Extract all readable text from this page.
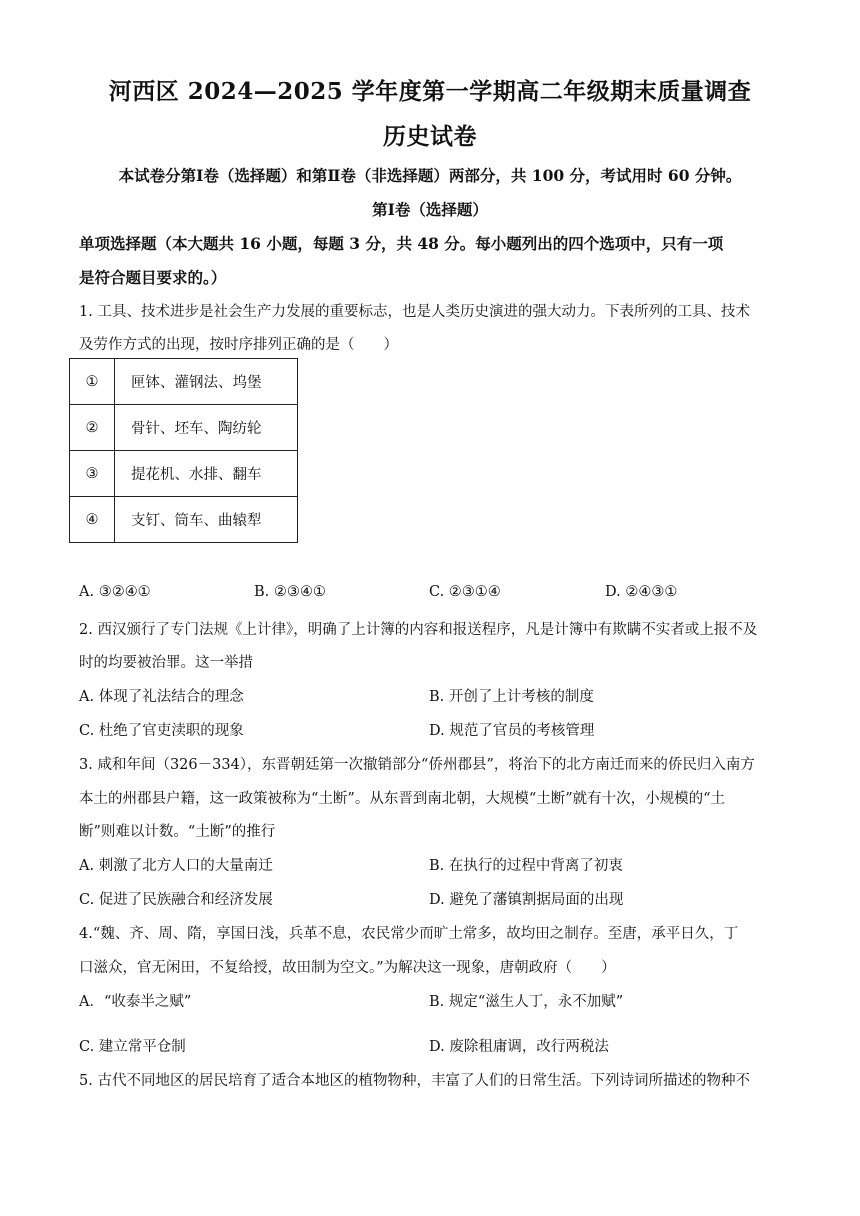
河西区 2024—2025 学年度第一学期高二年级期末质量调查
历史试卷
本试卷分第Ⅰ卷（选择题）和第Ⅱ卷（非选择题）两部分，共 100 分，考试用时 60 分钟。
第Ⅰ卷（选择题）
单项选择题（本大题共 16 小题，每题 3 分，共 48 分。每小题列出的四个选项中，只有一项
是符合题目要求的。）
1. 工具、技术进步是社会生产力发展的重要标志，也是人类历史演进的强大动力。下表所列的工具、技术
及劳作方式的出现，按时序排列正确的是（　　）
①	匣钵、灌钢法、坞堡
②	骨针、坯车、陶纺轮
③	提花机、水排、翻车
④	支钉、筒车、曲辕犁
A. ③②④①	B. ②③④①	C. ②③①④	D. ②④③①
2. 西汉颁行了专门法规《上计律》，明确了上计簿的内容和报送程序，凡是计簿中有欺瞒不实者或上报不及
时的均要被治罪。这一举措
A. 体现了礼法结合的理念	B. 开创了上计考核的制度
C. 杜绝了官吏渎职的现象	D. 规范了官员的考核管理
3. 咸和年间（326－334），东晋朝廷第一次撤销部分“侨州郡县”，将治下的北方南迁而来的侨民归入南方
本土的州郡县户籍，这一政策被称为“土断”。从东晋到南北朝，大规模“土断”就有十次，小规模的“土
断”则难以计数。“土断”的推行
A. 刺激了北方人口的大量南迁	B. 在执行的过程中背离了初衷
C. 促进了民族融合和经济发展	D. 避免了藩镇割据局面的出现
4.“魏、齐、周、隋，享国日浅，兵革不息，农民常少而旷土常多，故均田之制存。至唐，承平日久，丁
口滋众，官无闲田，不复给授，故田制为空文。”为解决这一现象，唐朝政府（　　）
A．“收泰半之赋”	B. 规定“滋生人丁，永不加赋”
C. 建立常平仓制	D. 废除租庸调，改行两税法
5. 古代不同地区的居民培育了适合本地区的植物物种，丰富了人们的日常生活。下列诗词所描述的物种不
